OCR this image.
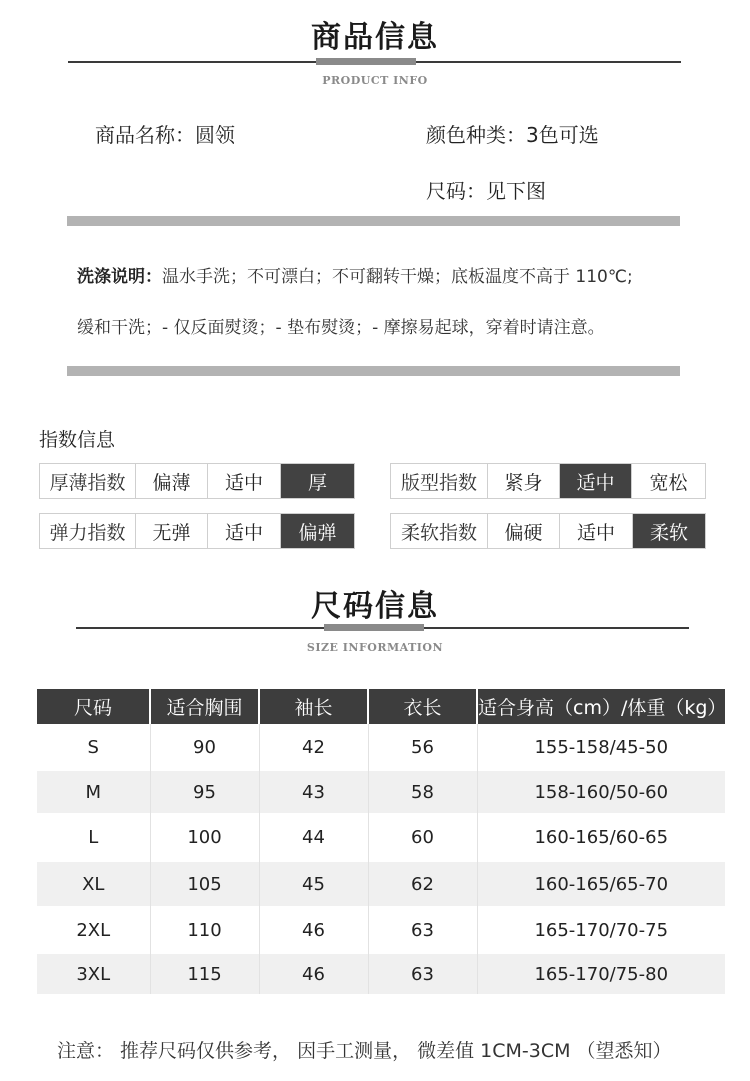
商品信息
PRODUCT INFO
商品名称：圆领	颜色种类：3色可选
尺码：见下图
洗涤说明：温水手洗；不可漂白；不可翻转干燥；底板温度不高于 110℃;
缓和干洗；- 仅反面熨烫；- 垫布熨烫；- 摩擦易起球，穿着时请注意。
指数信息
厚薄指数	偏薄	适中	厚	版型指数	紧身	适中	宽松
弹力指数	无弹	适中	偏弹	柔软指数	偏硬	适中	柔软
尺码信息
SIZE INFORMATION
尺码	适合胸围	袖长	衣长	适合身高（cm）/体重（kg）
S	90	42	56	155-158/45-50
M	95	43	58	158-160/50-60
L	100	44	60	160-165/60-65
XL	105	45	62	160-165/65-70
2XL	110	46	63	165-170/70-75
3XL	115	46	63	165-170/75-80
注意： 推荐尺码仅供参考， 因手工测量， 微差值 1CM-3CM （望悉知）
